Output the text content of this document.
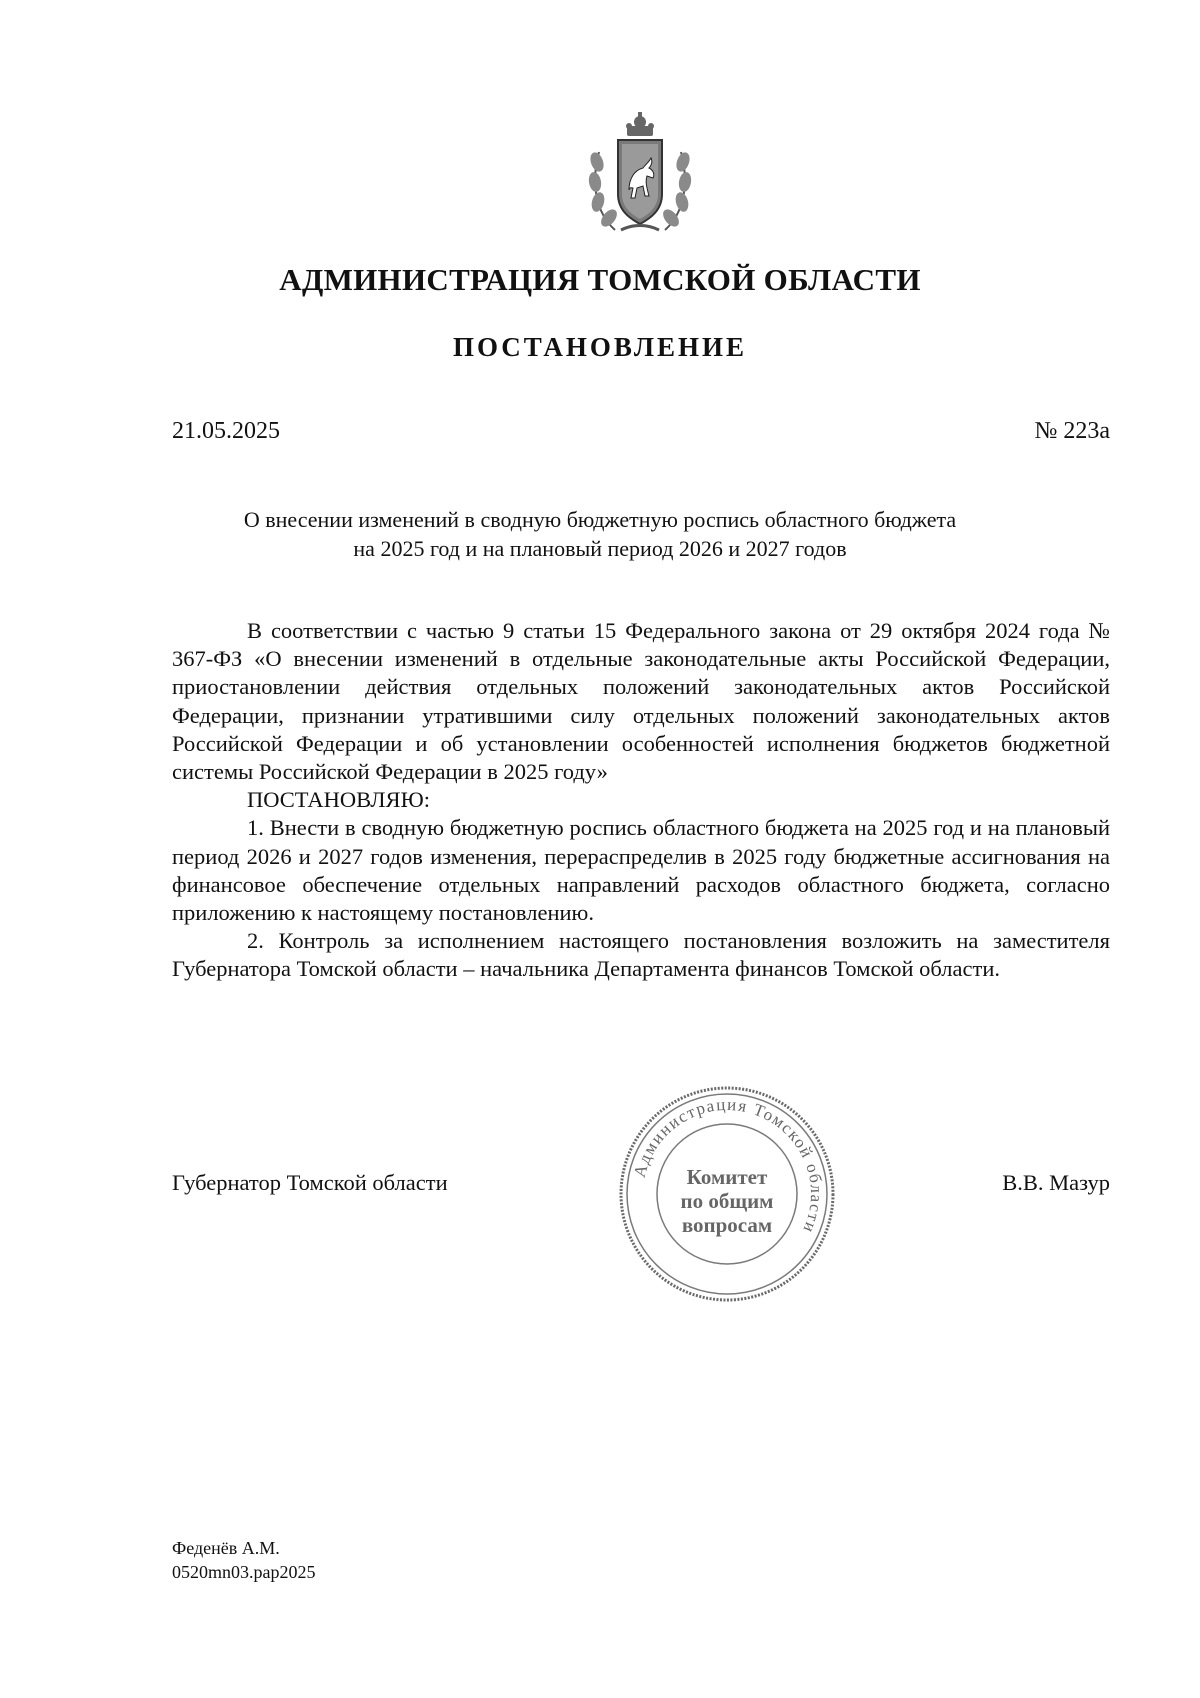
АДМИНИСТРАЦИЯ ТОМСКОЙ ОБЛАСТИ
ПОСТАНОВЛЕНИЕ
21.05.2025	№ 223а
О внесении изменений в сводную бюджетную роспись областного бюджета
на 2025 год и на плановый период 2026 и 2027 годов

В соответствии с частью 9 статьи 15 Федерального закона от 29 октября 2024 года № 367-ФЗ «О внесении изменений в отдельные законодательные акты Российской Федерации, приостановлении действия отдельных положений законодательных актов Российской Федерации, признании утратившими силу отдельных положений законодательных актов Российской Федерации и об установлении особенностей исполнения бюджетов бюджетной системы Российской Федерации в 2025 году»

ПОСТАНОВЛЯЮ:

1. Внести в сводную бюджетную роспись областного бюджета на 2025 год и на плановый период 2026 и 2027 годов изменения, перераспределив в 2025 году бюджетные ассигнования на финансовое обеспечение отдельных направлений расходов областного бюджета, согласно приложению к настоящему постановлению.

2. Контроль за исполнением настоящего постановления возложить на заместителя Губернатора Томской области – начальника Департамента финансов Томской области.

Губернатор Томской области	В.В. Мазур
Администрация Томской области
Комитет
по общим
вопросам
Феденёв А.М.
0520mn03.pap2025
